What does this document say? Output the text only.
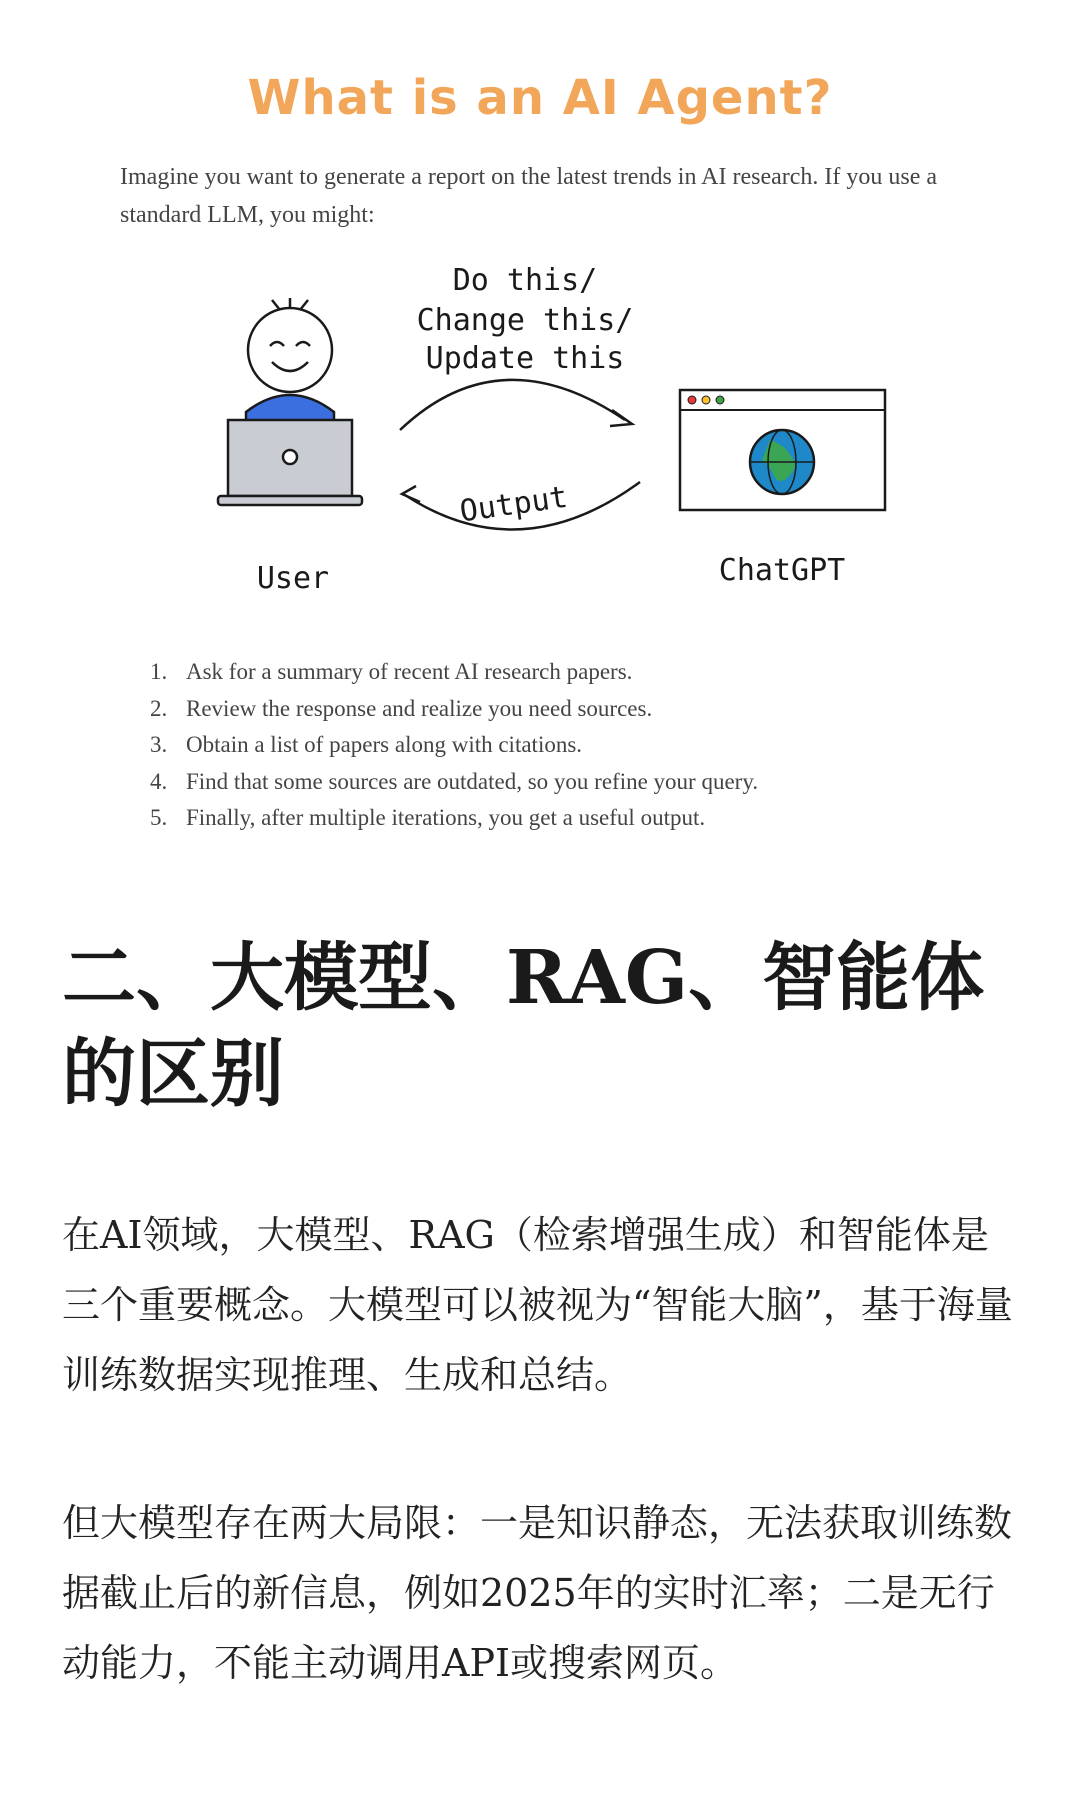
What is an AI Agent?
Imagine you want to generate a report on the latest trends in AI research. If you use a standard LLM, you might:
Do this/
Change this/
Update this
Output
User	ChatGPT
1. Ask for a summary of recent AI research papers.
2. Review the response and realize you need sources.
3. Obtain a list of papers along with citations.
4. Find that some sources are outdated, so you refine your query.
5. Finally, after multiple iterations, you get a useful output.
二、大模型、RAG、智能体
的区别

在AI领域，大模型、RAG（检索增强生成）和智能体是三个重要概念。大模型可以被视为“智能大脑”，基于海量训练数据实现推理、生成和总结。

但大模型存在两大局限：一是知识静态，无法获取训练数据截止后的新信息，例如2025年的实时汇率；二是无行动能力，不能主动调用API或搜索网页。
